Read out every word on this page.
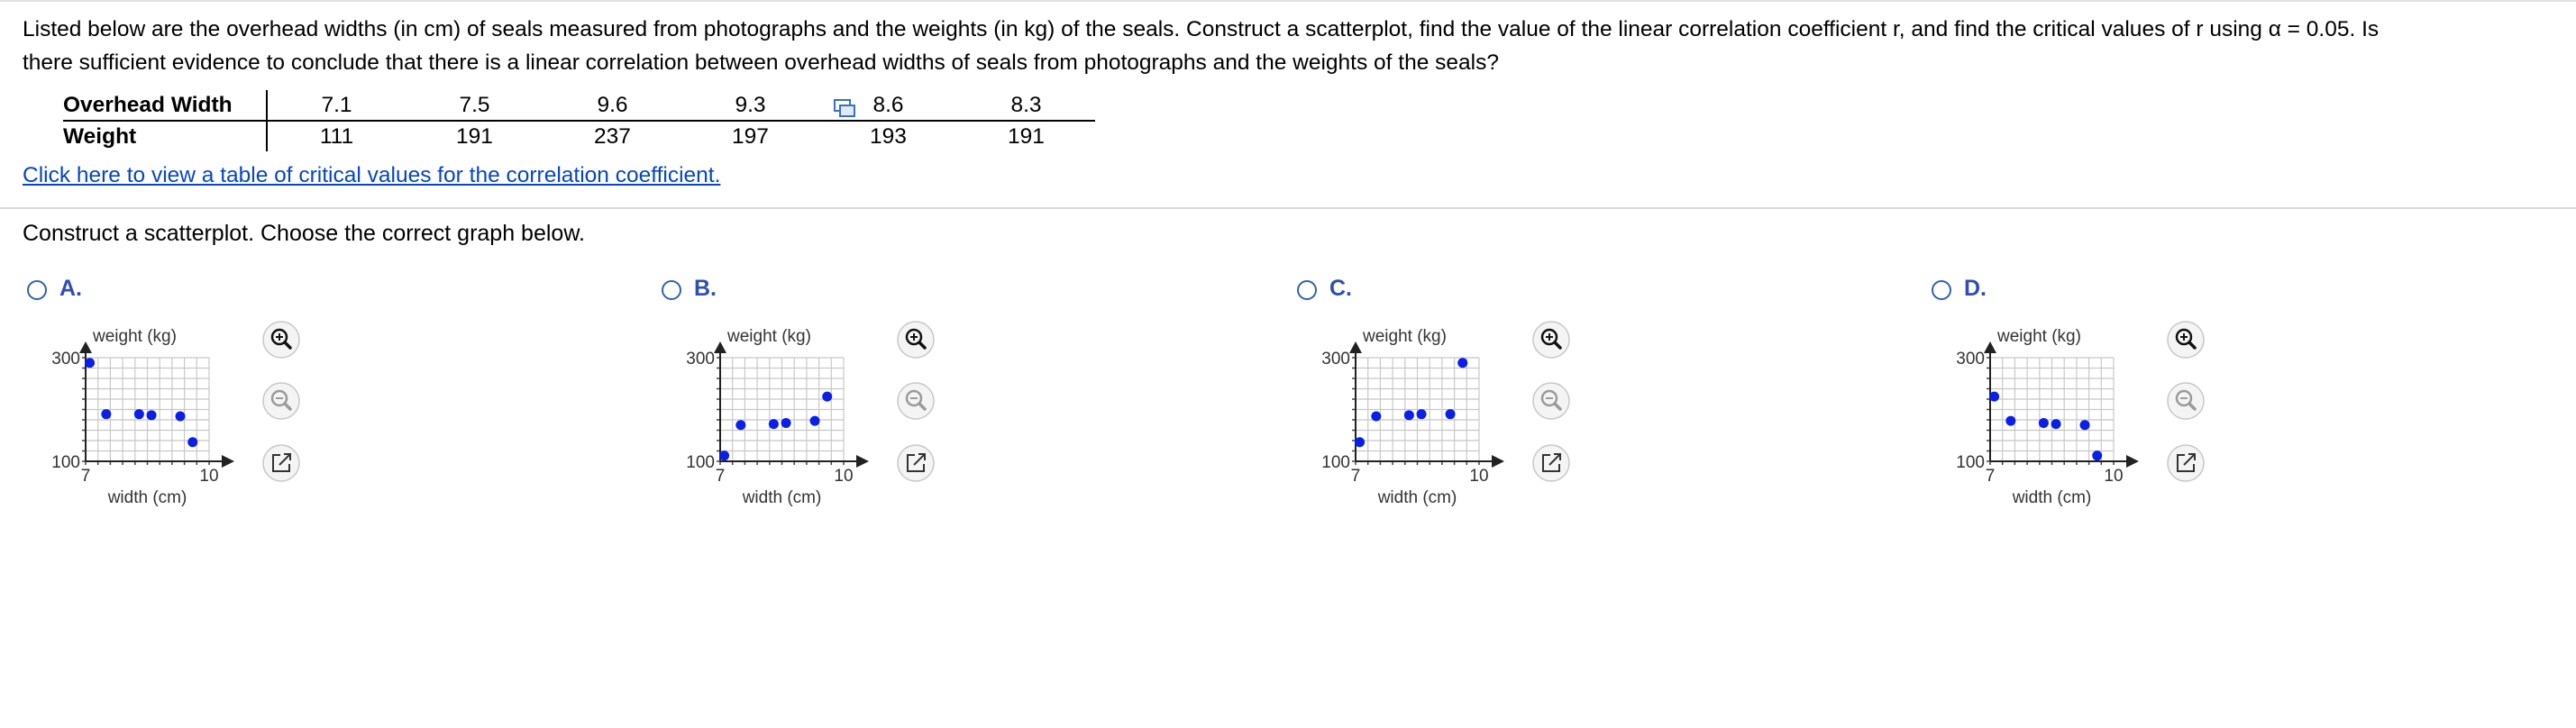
Listed below are the overhead widths (in cm) of seals measured from photographs and the weights (in kg) of the seals. Construct a scatterplot, find the value of the linear correlation coefficient r, and find the critical values of r using α = 0.05. Is
there sufficient evidence to conclude that there is a linear correlation between overhead widths of seals from photographs and the weights of the seals?
Overhead Width	7.1	7.5	9.6	9.3	8.6	8.3
Weight	111	191	237	197	193	191
Click here to view a table of critical values for the correlation coefficient.
Construct a scatterplot. Choose the correct graph below.
A.
weight (kg)
300
100
7	10
width (cm)
B.
weight (kg)
300
100
7	10
width (cm)
C.
weight (kg)
300
100
7	10
width (cm)
D.
weight (kg)
300
100
7	10
width (cm)
